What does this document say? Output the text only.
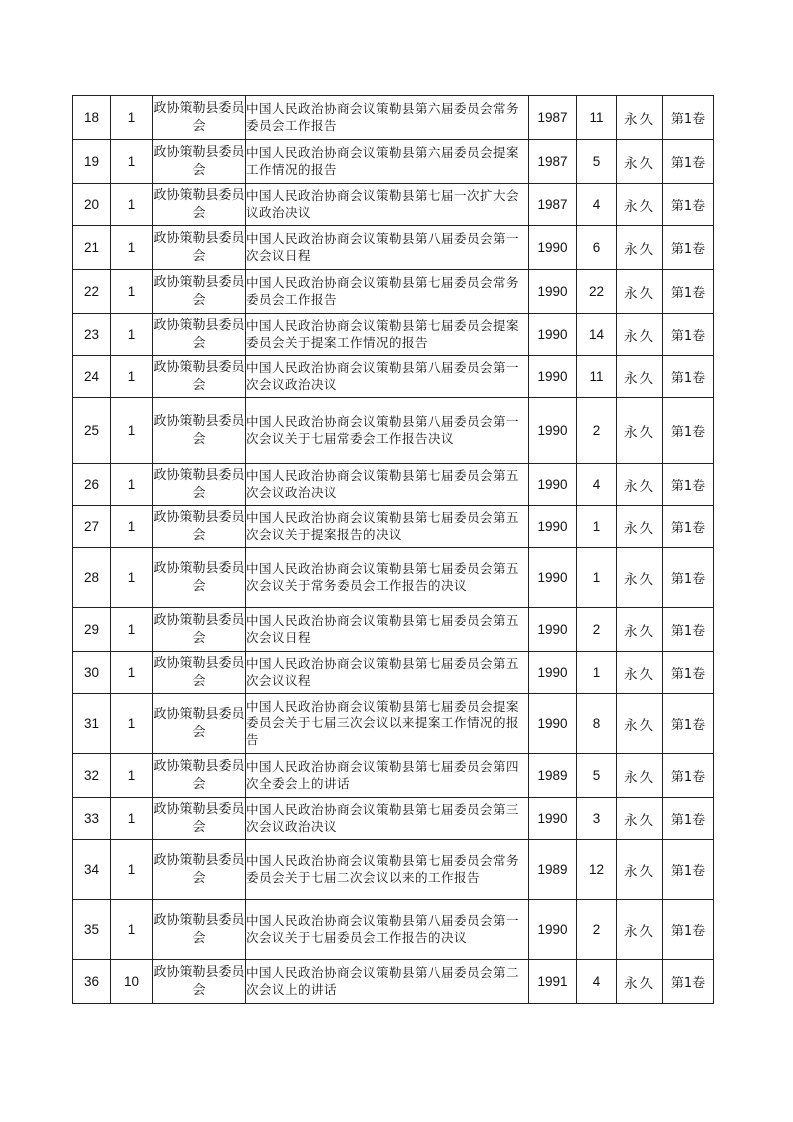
18	1	政协策勒县委员会	中国人民政治协商会议策勒县第六届委员会常务委员会工作报告	1987	11	永久	第1卷
19	1	政协策勒县委员会	中国人民政治协商会议策勒县第六届委员会提案工作情况的报告	1987	5	永久	第1卷
20	1	政协策勒县委员会	中国人民政治协商会议策勒县第七届一次扩大会议政治决议	1987	4	永久	第1卷
21	1	政协策勒县委员会	中国人民政治协商会议策勒县第八届委员会第一次会议日程	1990	6	永久	第1卷
22	1	政协策勒县委员会	中国人民政治协商会议策勒县第七届委员会常务委员会工作报告	1990	22	永久	第1卷
23	1	政协策勒县委员会	中国人民政治协商会议策勒县第七届委员会提案委员会关于提案工作情况的报告	1990	14	永久	第1卷
24	1	政协策勒县委员会	中国人民政治协商会议策勒县第八届委员会第一次会议政治决议	1990	11	永久	第1卷
25	1	政协策勒县委员会	中国人民政治协商会议策勒县第八届委员会第一次会议关于七届常委会工作报告决议	1990	2	永久	第1卷
26	1	政协策勒县委员会	中国人民政治协商会议策勒县第七届委员会第五次会议政治决议	1990	4	永久	第1卷
27	1	政协策勒县委员会	中国人民政治协商会议策勒县第七届委员会第五次会议关于提案报告的决议	1990	1	永久	第1卷
28	1	政协策勒县委员会	中国人民政治协商会议策勒县第七届委员会第五次会议关于常务委员会工作报告的决议	1990	1	永久	第1卷
29	1	政协策勒县委员会	中国人民政治协商会议策勒县第七届委员会第五次会议日程	1990	2	永久	第1卷
30	1	政协策勒县委员会	中国人民政治协商会议策勒县第七届委员会第五次会议议程	1990	1	永久	第1卷
31	1	政协策勒县委员会	中国人民政治协商会议策勒县第七届委员会提案委员会关于七届三次会议以来提案工作情况的报告	1990	8	永久	第1卷
32	1	政协策勒县委员会	中国人民政治协商会议策勒县第七届委员会第四次全委会上的讲话	1989	5	永久	第1卷
33	1	政协策勒县委员会	中国人民政治协商会议策勒县第七届委员会第三次会议政治决议	1990	3	永久	第1卷
34	1	政协策勒县委员会	中国人民政治协商会议策勒县第七届委员会常务委员会关于七届二次会议以来的工作报告	1989	12	永久	第1卷
35	1	政协策勒县委员会	中国人民政治协商会议策勒县第八届委员会第一次会议关于七届委员会工作报告的决议	1990	2	永久	第1卷
36	10	政协策勒县委员会	中国人民政治协商会议策勒县第八届委员会第二次会议上的讲话	1991	4	永久	第1卷
